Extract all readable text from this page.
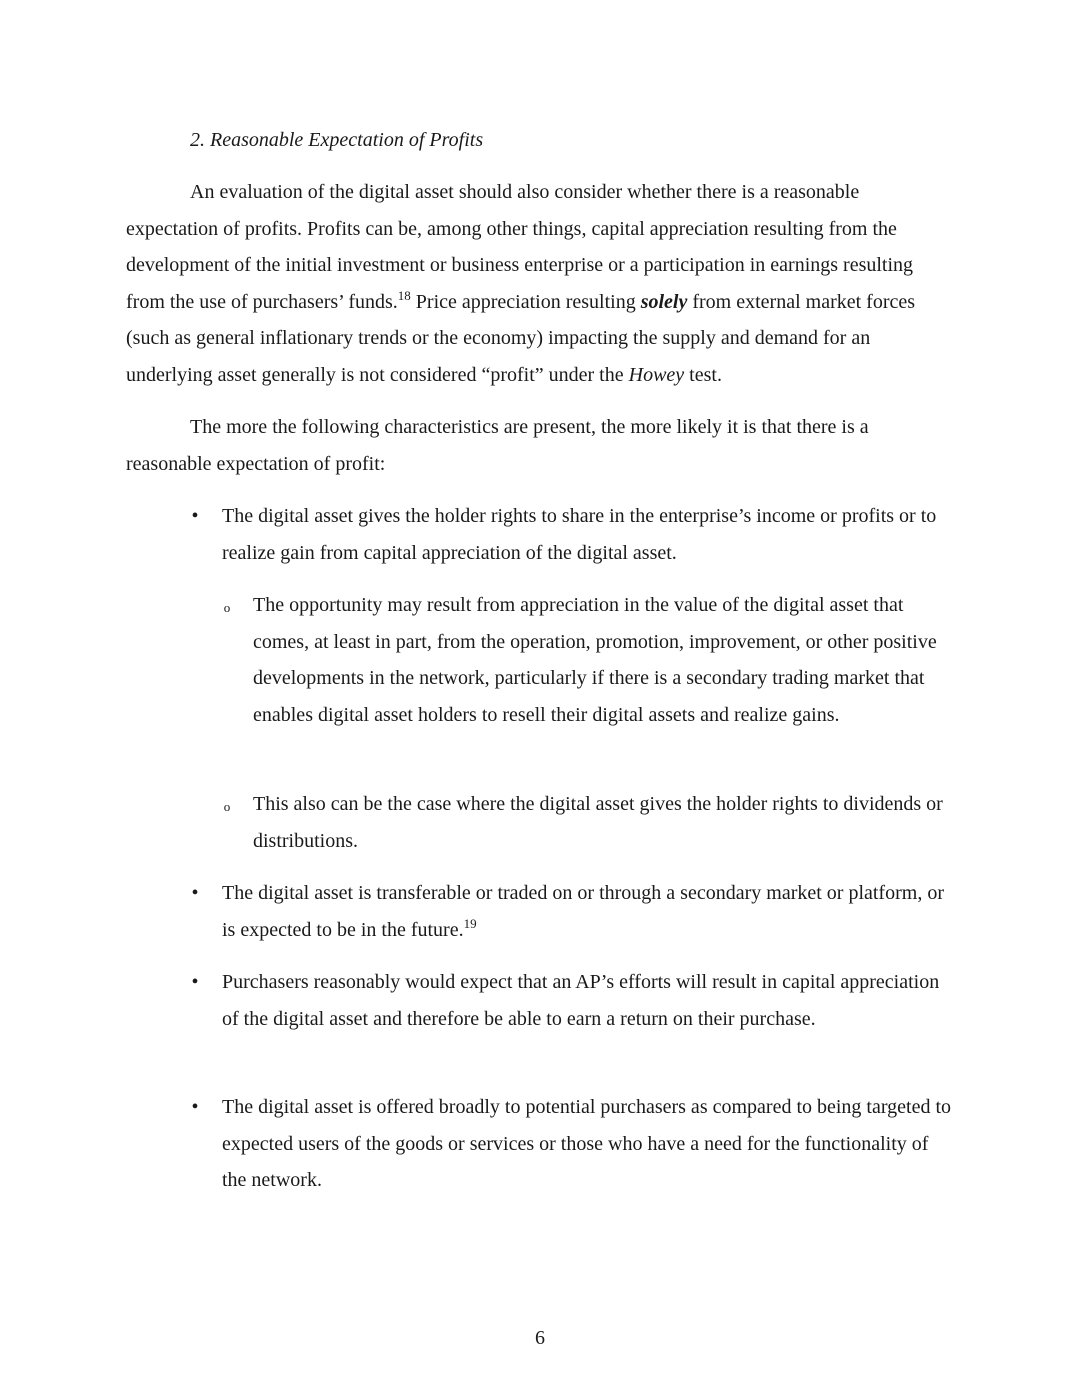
2. Reasonable Expectation of Profits

An evaluation of the digital asset should also consider whether there is a reasonable expectation of profits. Profits can be, among other things, capital appreciation resulting from the development of the initial investment or business enterprise or a participation in earnings resulting from the use of purchasers’ funds.$^{18}$ Price appreciation resulting solely from external market forces (such as general inflationary trends or the economy) impacting the supply and demand for an underlying asset generally is not considered “profit” under the Howey test.

The more the following characteristics are present, the more likely it is that there is a reasonable expectation of profit:

• The digital asset gives the holder rights to share in the enterprise’s income or profits or to realize gain from capital appreciation of the digital asset.
o The opportunity may result from appreciation in the value of the digital asset that comes, at least in part, from the operation, promotion, improvement, or other positive developments in the network, particularly if there is a secondary trading market that enables digital asset holders to resell their digital assets and realize gains.
o This also can be the case where the digital asset gives the holder rights to dividends or distributions.
• The digital asset is transferable or traded on or through a secondary market or platform, or is expected to be in the future.$^{19}$
• Purchasers reasonably would expect that an AP’s efforts will result in capital appreciation of the digital asset and therefore be able to earn a return on their purchase.
• The digital asset is offered broadly to potential purchasers as compared to being targeted to expected users of the goods or services or those who have a need for the functionality of the network.
6
